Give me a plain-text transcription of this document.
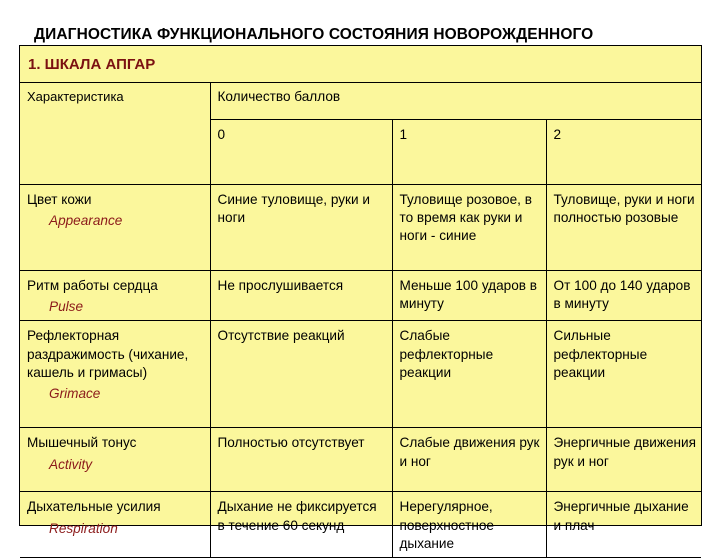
ДИАГНОСТИКА ФУНКЦИОНАЛЬНОГО СОСТОЯНИЯ НОВОРОЖДЕННОГО
1. ШКАЛА АПГАР
Характеристика	Количество баллов		
	0	1	2
Цвет кожи
Appearance	Синие туловище, руки и ноги	Туловище розовое, в то время как руки и ноги - синие	Туловище, руки и ноги полностью розовые
Ритм работы сердца
Pulse	Не прослушивается	Меньше 100 ударов в минуту	От 100 до 140 ударов в минуту
Рефлекторная раздражимость (чихание, кашель и гримасы)
Grimace	Отсутствие реакций	Слабые рефлекторные реакции	Сильные рефлекторные реакции
Мышечный тонус
Activity	Полностью отсутствует	Слабые движения рук и ног	Энергичные движения рук и ног
Дыхательные усилия
Respiration	Дыхание не фиксируется в течение 60 секунд	Нерегулярное, поверхностное дыхание	Энергичные дыхание и плач
